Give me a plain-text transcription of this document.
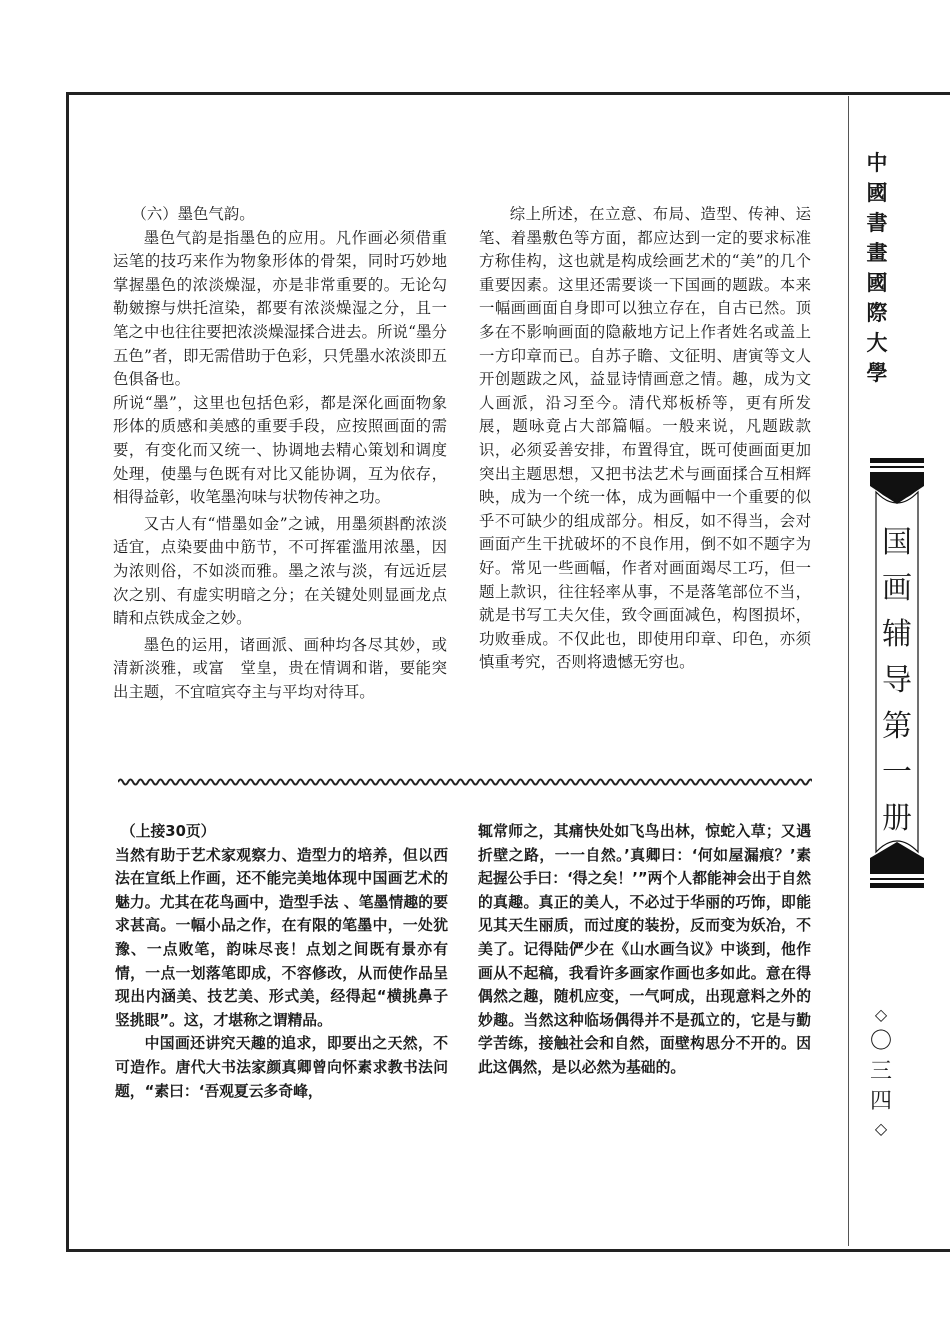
（六）墨色气韵。

墨色气韵是指墨色的应用。凡作画必须借重运笔的技巧来作为物象形体的骨架，同时巧妙地掌握墨色的浓淡燥湿，亦是非常重要的。无论勾勒皴擦与烘托渲染，都要有浓淡燥湿之分，且一笔之中也往往要把浓淡燥湿揉合进去。所说“墨分五色”者，即无需借助于色彩，只凭墨水浓淡即五色俱备也。

所说“墨”，这里也包括色彩，都是深化画面物象形体的质感和美感的重要手段，应按照画面的需要，有变化而又统一、协调地去精心策划和调度处理，使墨与色既有对比又能协调，互为依存，相得益彰，收笔墨泃味与状物传神之功。

又古人有“惜墨如金”之诫，用墨须斟酌浓淡适宜，点染要曲中筋节，不可挥霍滥用浓墨，因为浓则俗，不如淡而雅。墨之浓与淡，有远近层次之别、有虚实明暗之分；在关键处则显画龙点睛和点铁成金之妙。

墨色的运用，诸画派、画种均各尽其妙，或清新淡雅，或富　堂皇，贵在情调和谐，要能突出主题，不宜喧宾夺主与平均对待耳。

综上所述，在立意、布局、造型、传神、运笔、着墨敷色等方面，都应达到一定的要求标准方称佳构，这也就是构成绘画艺术的“美”的几个重要因素。这里还需要谈一下国画的题跋。本来一幅画画面自身即可以独立存在，自古已然。顶多在不影响画面的隐蔽地方记上作者姓名或盖上一方印章而已。自苏子瞻、文征明、唐寅等文人开创题跋之风，益显诗情画意之情。趣，成为文人画派，沿习至今。清代郑板桥等，更有所发展，题咏竟占大部篇幅。一般来说，凡题跋款识，必须妥善安排，布置得宜，既可使画面更加突出主题思想，又把书法艺术与画面揉合互相辉映，成为一个统一体，成为画幅中一个重要的似乎不可缺少的组成部分。相反，如不得当，会对画面产生干扰破坏的不良作用，倒不如不题字为好。常见一些画幅，作者对画面竭尽工巧，但一题上款识，往往轻率从事，不是落笔部位不当，就是书写工夫欠佳，致令画面减色，构图损坏，功败垂成。不仅此也，即使用印章、印色，亦须慎重考究，否则将遗憾无穷也。

（上接30页）

当然有助于艺术家观察力、造型力的培养，但以西法在宣纸上作画，还不能完美地体现中国画艺术的魅力。尤其在花鸟画中，造型手法 、笔墨情趣的要求甚高。一幅小品之作，在有限的笔墨中，一处犹豫、一点败笔，韵味尽丧！点划之间既有景亦有情，一点一划落笔即成，不容修改，从而使作品呈现出内涵美、技艺美、形式美，经得起“横挑鼻子竖挑眼”。这，才堪称之谓精品。

中国画还讲究天趣的追求，即要出之天然，不可造作。唐代大书法家颜真卿曾向怀素求教书法问题，“素曰：‘吾观夏云多奇峰，

辄常师之，其痛快处如飞鸟出林，惊蛇入草；又遇折壁之路，一一自然。’真卿曰：‘何如屋漏痕？’素起握公手曰：‘得之矣！’”两个人都能神会出于自然的真趣。真正的美人，不必过于华丽的巧饰，即能见其天生丽质，而过度的装扮，反而变为妖冶，不美了。记得陆俨少在《山水画刍议》中谈到，他作画从不起稿，我看许多画家作画也多如此。意在得偶然之趣，随机应变，一气呵成，出现意料之外的妙趣。当然这种临场偶得并不是孤立的，它是与勤学苦练，接触社会和自然，面壁构思分不开的。因此这偶然，是以必然为基础的。

中
國
書
畫
國
際
大
學
国
画
辅
导
第
一
册
◇
〇
三
四
◇
